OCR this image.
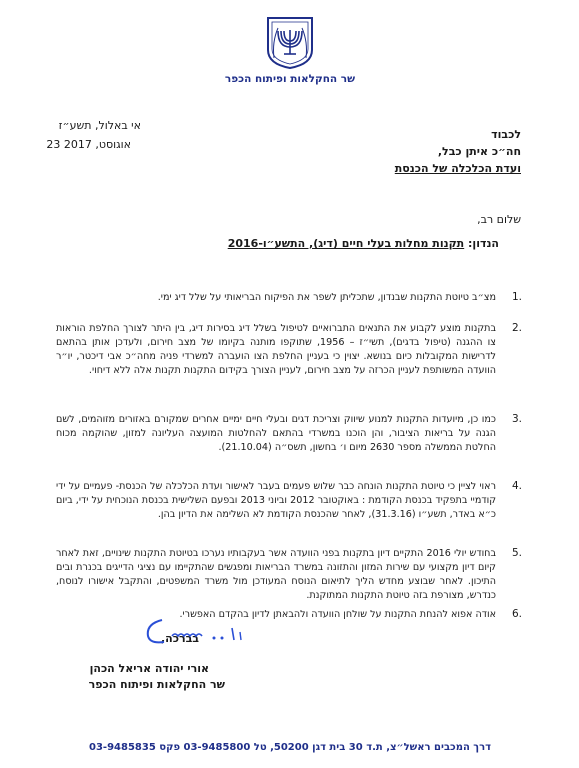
שר החקלאות ופיתוח הכפר
אי באלול, תשע״ז
23 אוגוסט, 2017
לכבוד
חה״כ איתן כבל,
ועדת הכלכלה של הכנסת
שלום רב,
הנדון: תקנות מחלות בעלי חיים (דיג), התשע״ו-2016
.1
מצ״ב טיוטת התקנות שבנדון, שתכליתן לשפר את הפיקוח הבריאותי על שלל דיג ימי.
.2
בתקנות מוצע לקבוע את התנאים התברואיים לטיפול בשלל דיג בסירות דיג, בין היתר לצורך החלפת הוראות צו ההגנה (טיפול בדגים), תשי״ז – 1956, שתוקפו מותנה בקיומו של מצב חירום, ולעדכן אותן בהתאם לדרישות המקובלות כיום בנושא. יצוין כי בעניין החלפת הצו הועברה למשרדי פניה מחה״כ אבי דיכטר, יו״ר הוועדה המשותפת לעניין הכרזה על מצב חירום, לעניין הצורך בקידום התקנות תקנות אלה ללא דיחוי.
.3
כמו כן, מיועדות התקנות למנוע שיווק וצריכת דגים ובעלי חיים ימיים אחרים שמקורם באזורים מזוהמים, לשם הגנה על בריאות הציבור, והן הוכנו במשרדי בהתאם להחלטות המועצה העליונה למזון, שהוקמה מכוח החלטת הממשלה מספר 2630 מיום ו׳ בחשון, תשס״ה (21.10.04).
.4
ראוי לציין כי טיוטת התקנות הונחה כבר שלוש פעמים בעבר לאישור ועדת הכלכלה של הכנסת- פעמיים על ידי קודמיי בתפקיד בכנסת הקודמת : באוקטובר 2012 וביוני 2013 ובפעם השלישית בכנסת הנוכחית על ידי, ביום כ״א באדר, תשע״ו (31.3.16), לאחר שהכנסת הקודמת לא השלימה את הדיון בהן.
.5
בחודש יולי 2016 התקיים דיון בתקנות בפני הוועדה אשר בעקבותיו נערכו בטיוטת התקנות שינויים, זאת לאחר קיום דיון מקצועי עם שירות המזון והתזונה במשרד הבריאות ומפגשים שהתקיימו עם נציגי הדייגים בכנרת ובים התיכון. לאחר שבוצע מחדש הליך לתיאום הנוסח המעודכן מול משרד המשפטים, והתקבל אישורו לנוסח, כנדרש, מצורפת בזה טיוטת התקנות המתוקנת.
.6
אודה אפוא להנחת התקנות על שולחן הוועדה ולהבאתן לדיון בהקדם האפשרי.
בברכה,
אורי יהודה אריאל הכהן
שר החקלאות ופיתוח הכפר
דרך המכבים ראשל״צ, ת.ד 30 בית דגן 50200, טל 03-9485800 פקס 03-9485835
